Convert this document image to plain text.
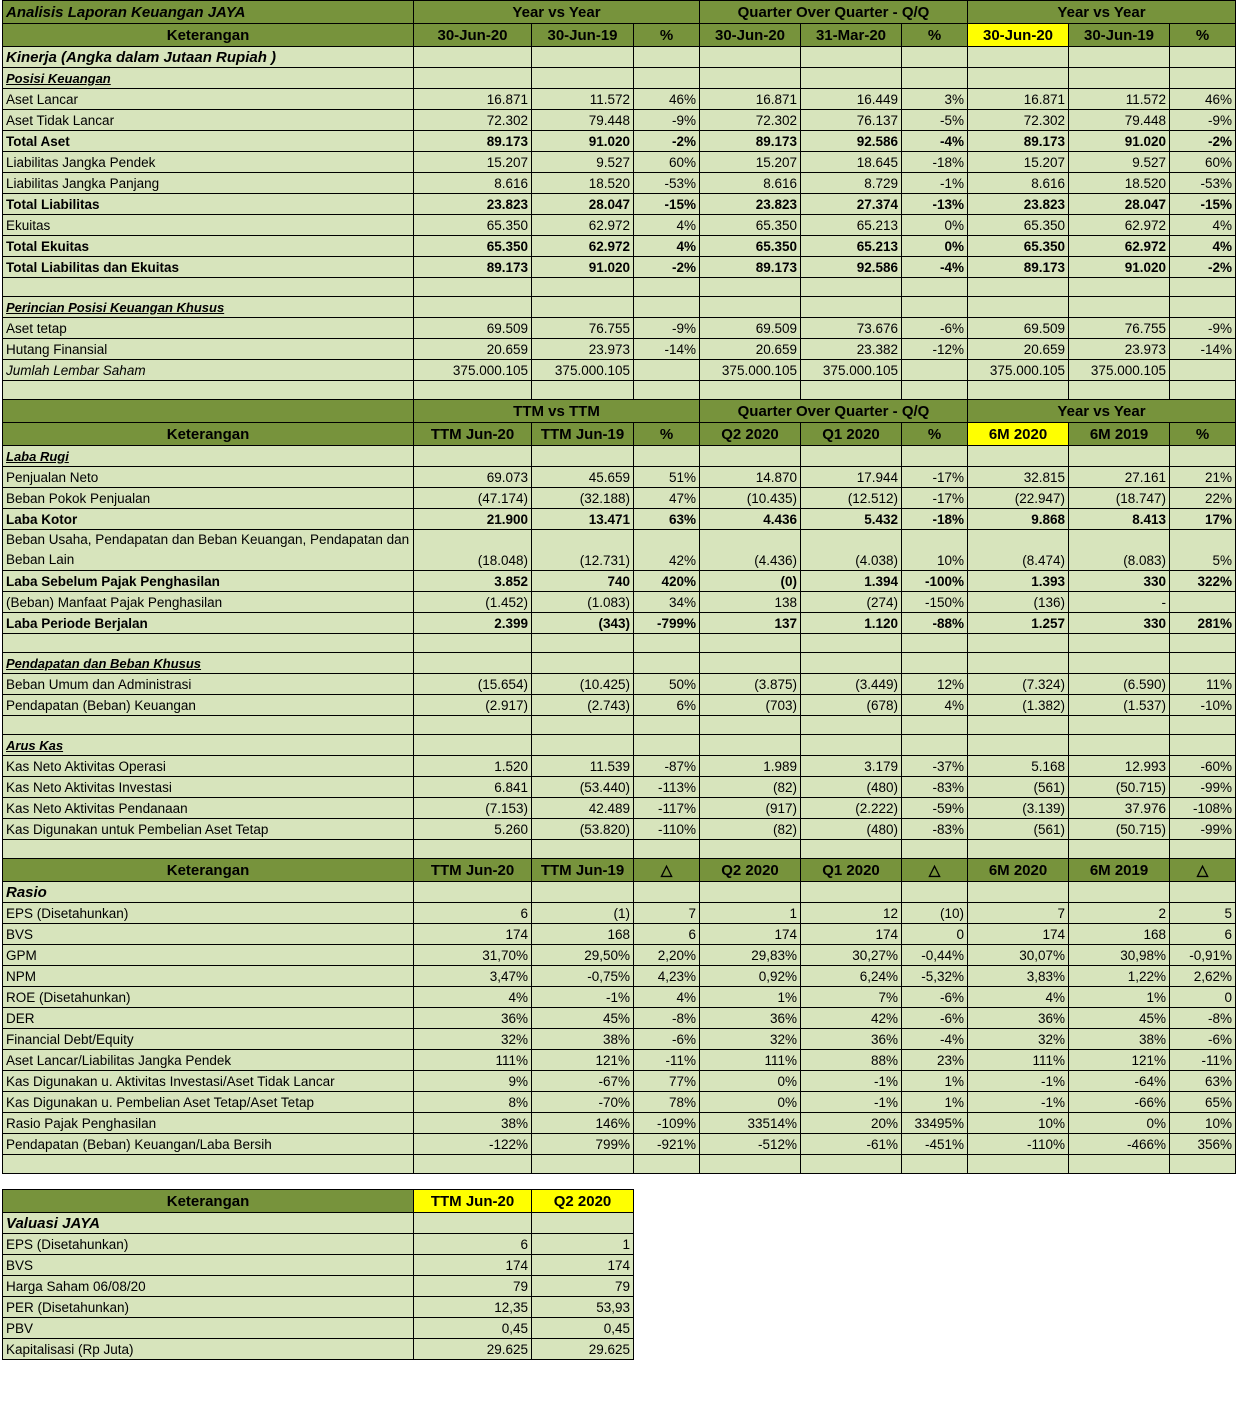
Analisis Laporan Keuangan JAYA	Year vs Year			Quarter Over Quarter - Q/Q			Year vs Year		
Keterangan	30-Jun-20	30-Jun-19	%	30-Jun-20	31-Mar-20	%	30-Jun-20	30-Jun-19	%
Kinerja (Angka dalam Jutaan Rupiah )									
Posisi Keuangan									
Aset Lancar	16.871	11.572	46%	16.871	16.449	3%	16.871	11.572	46%
Aset Tidak Lancar	72.302	79.448	-9%	72.302	76.137	-5%	72.302	79.448	-9%
Total Aset	89.173	91.020	-2%	89.173	92.586	-4%	89.173	91.020	-2%
Liabilitas Jangka Pendek	15.207	9.527	60%	15.207	18.645	-18%	15.207	9.527	60%
Liabilitas Jangka Panjang	8.616	18.520	-53%	8.616	8.729	-1%	8.616	18.520	-53%
Total Liabilitas	23.823	28.047	-15%	23.823	27.374	-13%	23.823	28.047	-15%
Ekuitas	65.350	62.972	4%	65.350	65.213	0%	65.350	62.972	4%
Total Ekuitas	65.350	62.972	4%	65.350	65.213	0%	65.350	62.972	4%
Total Liabilitas dan Ekuitas	89.173	91.020	-2%	89.173	92.586	-4%	89.173	91.020	-2%

Perincian Posisi Keuangan Khusus									
Aset tetap	69.509	76.755	-9%	69.509	73.676	-6%	69.509	76.755	-9%
Hutang Finansial	20.659	23.973	-14%	20.659	23.382	-12%	20.659	23.973	-14%
Jumlah Lembar Saham	375.000.105	375.000.105		375.000.105	375.000.105		375.000.105	375.000.105	

	TTM vs TTM			Quarter Over Quarter - Q/Q			Year vs Year		
Keterangan	TTM Jun-20	TTM Jun-19	%	Q2 2020	Q1 2020	%	6M 2020	6M 2019	%
Laba Rugi									
Penjualan Neto	69.073	45.659	51%	14.870	17.944	-17%	32.815	27.161	21%
Beban Pokok Penjualan	(47.174)	(32.188)	47%	(10.435)	(12.512)	-17%	(22.947)	(18.747)	22%
Laba Kotor	21.900	13.471	63%	4.436	5.432	-18%	9.868	8.413	17%
Beban Usaha, Pendapatan dan Beban Keuangan, Pendapatan dan Beban Lain	(18.048)	(12.731)	42%	(4.436)	(4.038)	10%	(8.474)	(8.083)	5%
Laba Sebelum Pajak Penghasilan	3.852	740	420%	(0)	1.394	-100%	1.393	330	322%
(Beban) Manfaat Pajak Penghasilan	(1.452)	(1.083)	34%	138	(274)	-150%	(136)	-	
Laba Periode Berjalan	2.399	(343)	-799%	137	1.120	-88%	1.257	330	281%

Pendapatan dan Beban Khusus									
Beban Umum dan Administrasi	(15.654)	(10.425)	50%	(3.875)	(3.449)	12%	(7.324)	(6.590)	11%
Pendapatan (Beban) Keuangan	(2.917)	(2.743)	6%	(703)	(678)	4%	(1.382)	(1.537)	-10%

Arus Kas									
Kas Neto Aktivitas Operasi	1.520	11.539	-87%	1.989	3.179	-37%	5.168	12.993	-60%
Kas Neto Aktivitas Investasi	6.841	(53.440)	-113%	(82)	(480)	-83%	(561)	(50.715)	-99%
Kas Neto Aktivitas Pendanaan	(7.153)	42.489	-117%	(917)	(2.222)	-59%	(3.139)	37.976	-108%
Kas Digunakan untuk Pembelian Aset Tetap	5.260	(53.820)	-110%	(82)	(480)	-83%	(561)	(50.715)	-99%

Keterangan	TTM Jun-20	TTM Jun-19	△	Q2 2020	Q1 2020	△	6M 2020	6M 2019	△
Rasio									
EPS (Disetahunkan)	6	(1)	7	1	12	(10)	7	2	5
BVS	174	168	6	174	174	0	174	168	6
GPM	31,70%	29,50%	2,20%	29,83%	30,27%	-0,44%	30,07%	30,98%	-0,91%
NPM	3,47%	-0,75%	4,23%	0,92%	6,24%	-5,32%	3,83%	1,22%	2,62%
ROE (Disetahunkan)	4%	-1%	4%	1%	7%	-6%	4%	1%	0
DER	36%	45%	-8%	36%	42%	-6%	36%	45%	-8%
Financial Debt/Equity	32%	38%	-6%	32%	36%	-4%	32%	38%	-6%
Aset Lancar/Liabilitas Jangka Pendek	111%	121%	-11%	111%	88%	23%	111%	121%	-11%
Kas Digunakan u. Aktivitas Investasi/Aset Tidak Lancar	9%	-67%	77%	0%	-1%	1%	-1%	-64%	63%
Kas Digunakan u. Pembelian Aset Tetap/Aset Tetap	8%	-70%	78%	0%	-1%	1%	-1%	-66%	65%
Rasio Pajak Penghasilan	38%	146%	-109%	33514%	20%	33495%	10%	0%	10%
Pendapatan (Beban) Keuangan/Laba Bersih	-122%	799%	-921%	-512%	-61%	-451%	-110%	-466%	356%

Keterangan	TTM Jun-20	Q2 2020
Valuasi JAYA		
EPS (Disetahunkan)	6	1
BVS	174	174
Harga Saham 06/08/20	79	79
PER (Disetahunkan)	12,35	53,93
PBV	0,45	0,45
Kapitalisasi (Rp Juta)	29.625	29.625
